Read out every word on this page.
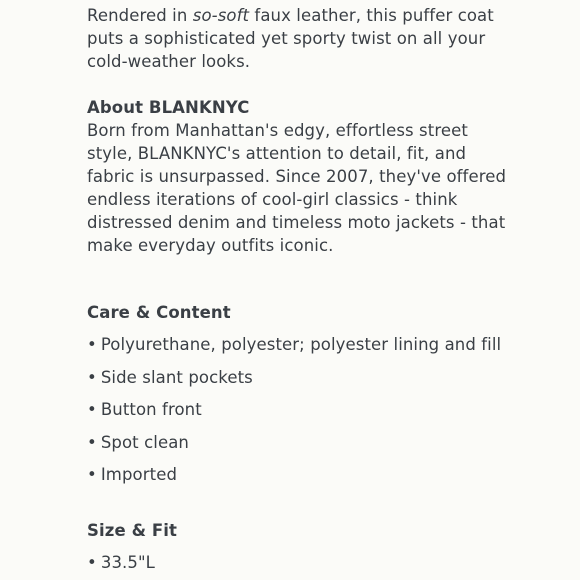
Rendered in so-soft faux leather, this puffer coat puts a sophisticated yet sporty twist on all your cold-weather looks.

About BLANKNYC

Born from Manhattan's edgy, effortless street style, BLANKNYC's attention to detail, fit, and fabric is unsurpassed. Since 2007, they've offered endless iterations of cool-girl classics - think distressed denim and timeless moto jackets - that make everyday outfits iconic.

Care & Content
• Polyurethane, polyester; polyester lining and fill
• Side slant pockets
• Button front
• Spot clean
• Imported
Size & Fit
• 33.5"L
